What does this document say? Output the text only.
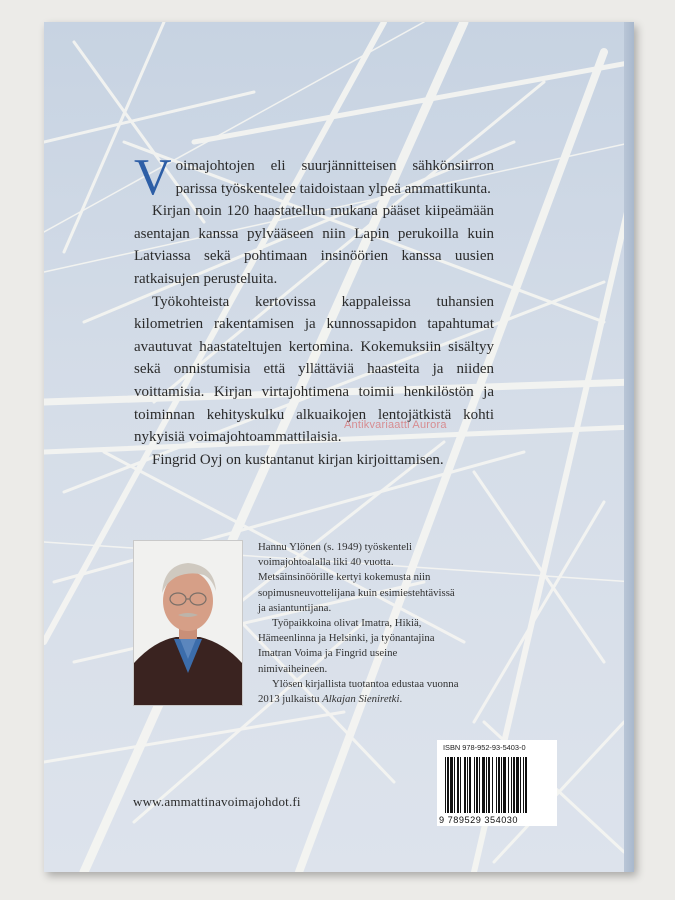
Voimajohtojen eli suurjännitteisen sähkönsiirron parissa työskentelee taidoistaan ylpeä ammattikunta.

Kirjan noin 120 haastatellun mukana pääset kiipeämään asentajan kanssa pylvääseen niin Lapin perukoilla kuin Latviassa sekä pohtimaan insinöörien kanssa uusien ratkaisujen perusteluita.

Työkohteista kertovissa kappaleissa tuhansien kilometrien rakentamisen ja kunnossapidon tapahtumat avautuvat haastateltujen kertomina. Kokemuksiin sisältyy sekä onnistumisia että yllättäviä haasteita ja niiden voittamisia. Kirjan virtajohtimena toimii henkilöstön ja toiminnan kehityskulku alkuaikojen lentojätkistä kohti nykyisiä voimajohtoammattilaisia.

Fingrid Oyj on kustantanut kirjan kirjoittamisen.

Antikvariaatti Aurora

Hannu Ylönen (s. 1949) työskenteli voimajohtoalalla liki 40 vuotta. Metsäinsinöörille kertyi kokemusta niin sopimusneuvottelijana kuin esimiestehtävissä ja asiantuntijana.

Työpaikkoina olivat Imatra, Hikiä, Hämeenlinna ja Helsinki, ja työnantajina Imatran Voima ja Fingrid useine nimivaiheineen.

Ylösen kirjallista tuotantoa edustaa vuonna 2013 julkaistu Alkajan Sieniretki.

ISBN 978-952-93-5403-0
9 789529 354030
www.ammattinavoimajohdot.fi
